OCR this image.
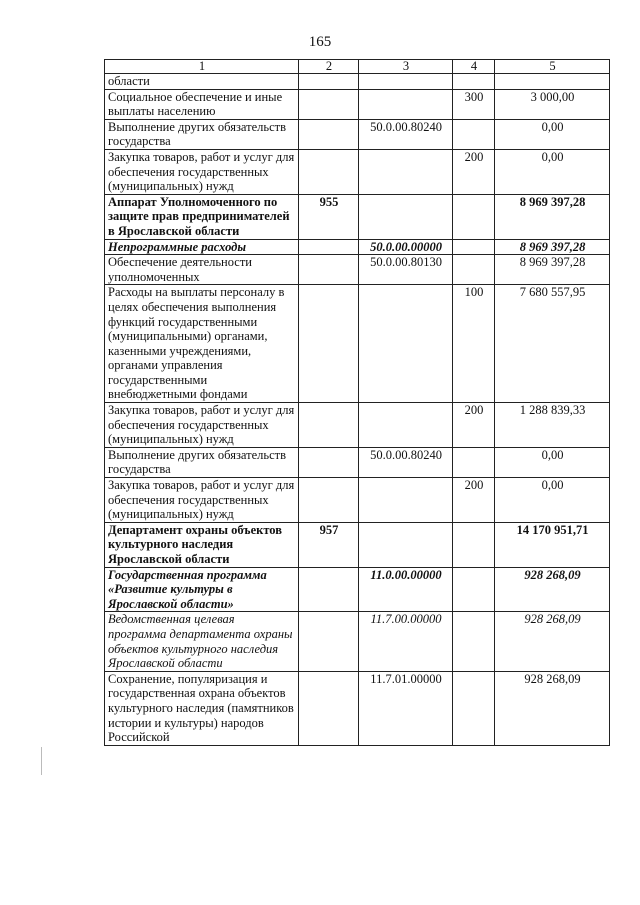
165
1	2	3	4	5
области				
Социальное обеспечение и иные выплаты населению			300	3 000,00
Выполнение других обязательств государства		50.0.00.80240		0,00
Закупка товаров, работ и услуг для обеспечения государственных (муниципальных) нужд			200	0,00
Аппарат Уполномоченного по защите прав предпринимателей в Ярославской области	955			8 969 397,28
Непрограммные расходы		50.0.00.00000		8 969 397,28
Обеспечение деятельности уполномоченных		50.0.00.80130		8 969 397,28
Расходы на выплаты персоналу в целях обеспечения выполнения функций государственными (муниципальными) органами, казенными учреждениями, органами управления государственными внебюджетными фондами			100	7 680 557,95
Закупка товаров, работ и услуг для обеспечения государственных (муниципальных) нужд			200	1 288 839,33
Выполнение других обязательств государства		50.0.00.80240		0,00
Закупка товаров, работ и услуг для обеспечения государственных (муниципальных) нужд			200	0,00
Департамент охраны объектов культурного наследия Ярославской области	957			14 170 951,71
Государственная программа «Развитие культуры в Ярославской области»		11.0.00.00000		928 268,09
Ведомственная целевая программа департамента охраны объектов культурного наследия Ярославской области		11.7.00.00000		928 268,09
Сохранение, популяризация и государственная охрана объектов культурного наследия (памятников истории и культуры) народов Российской		11.7.01.00000		928 268,09
